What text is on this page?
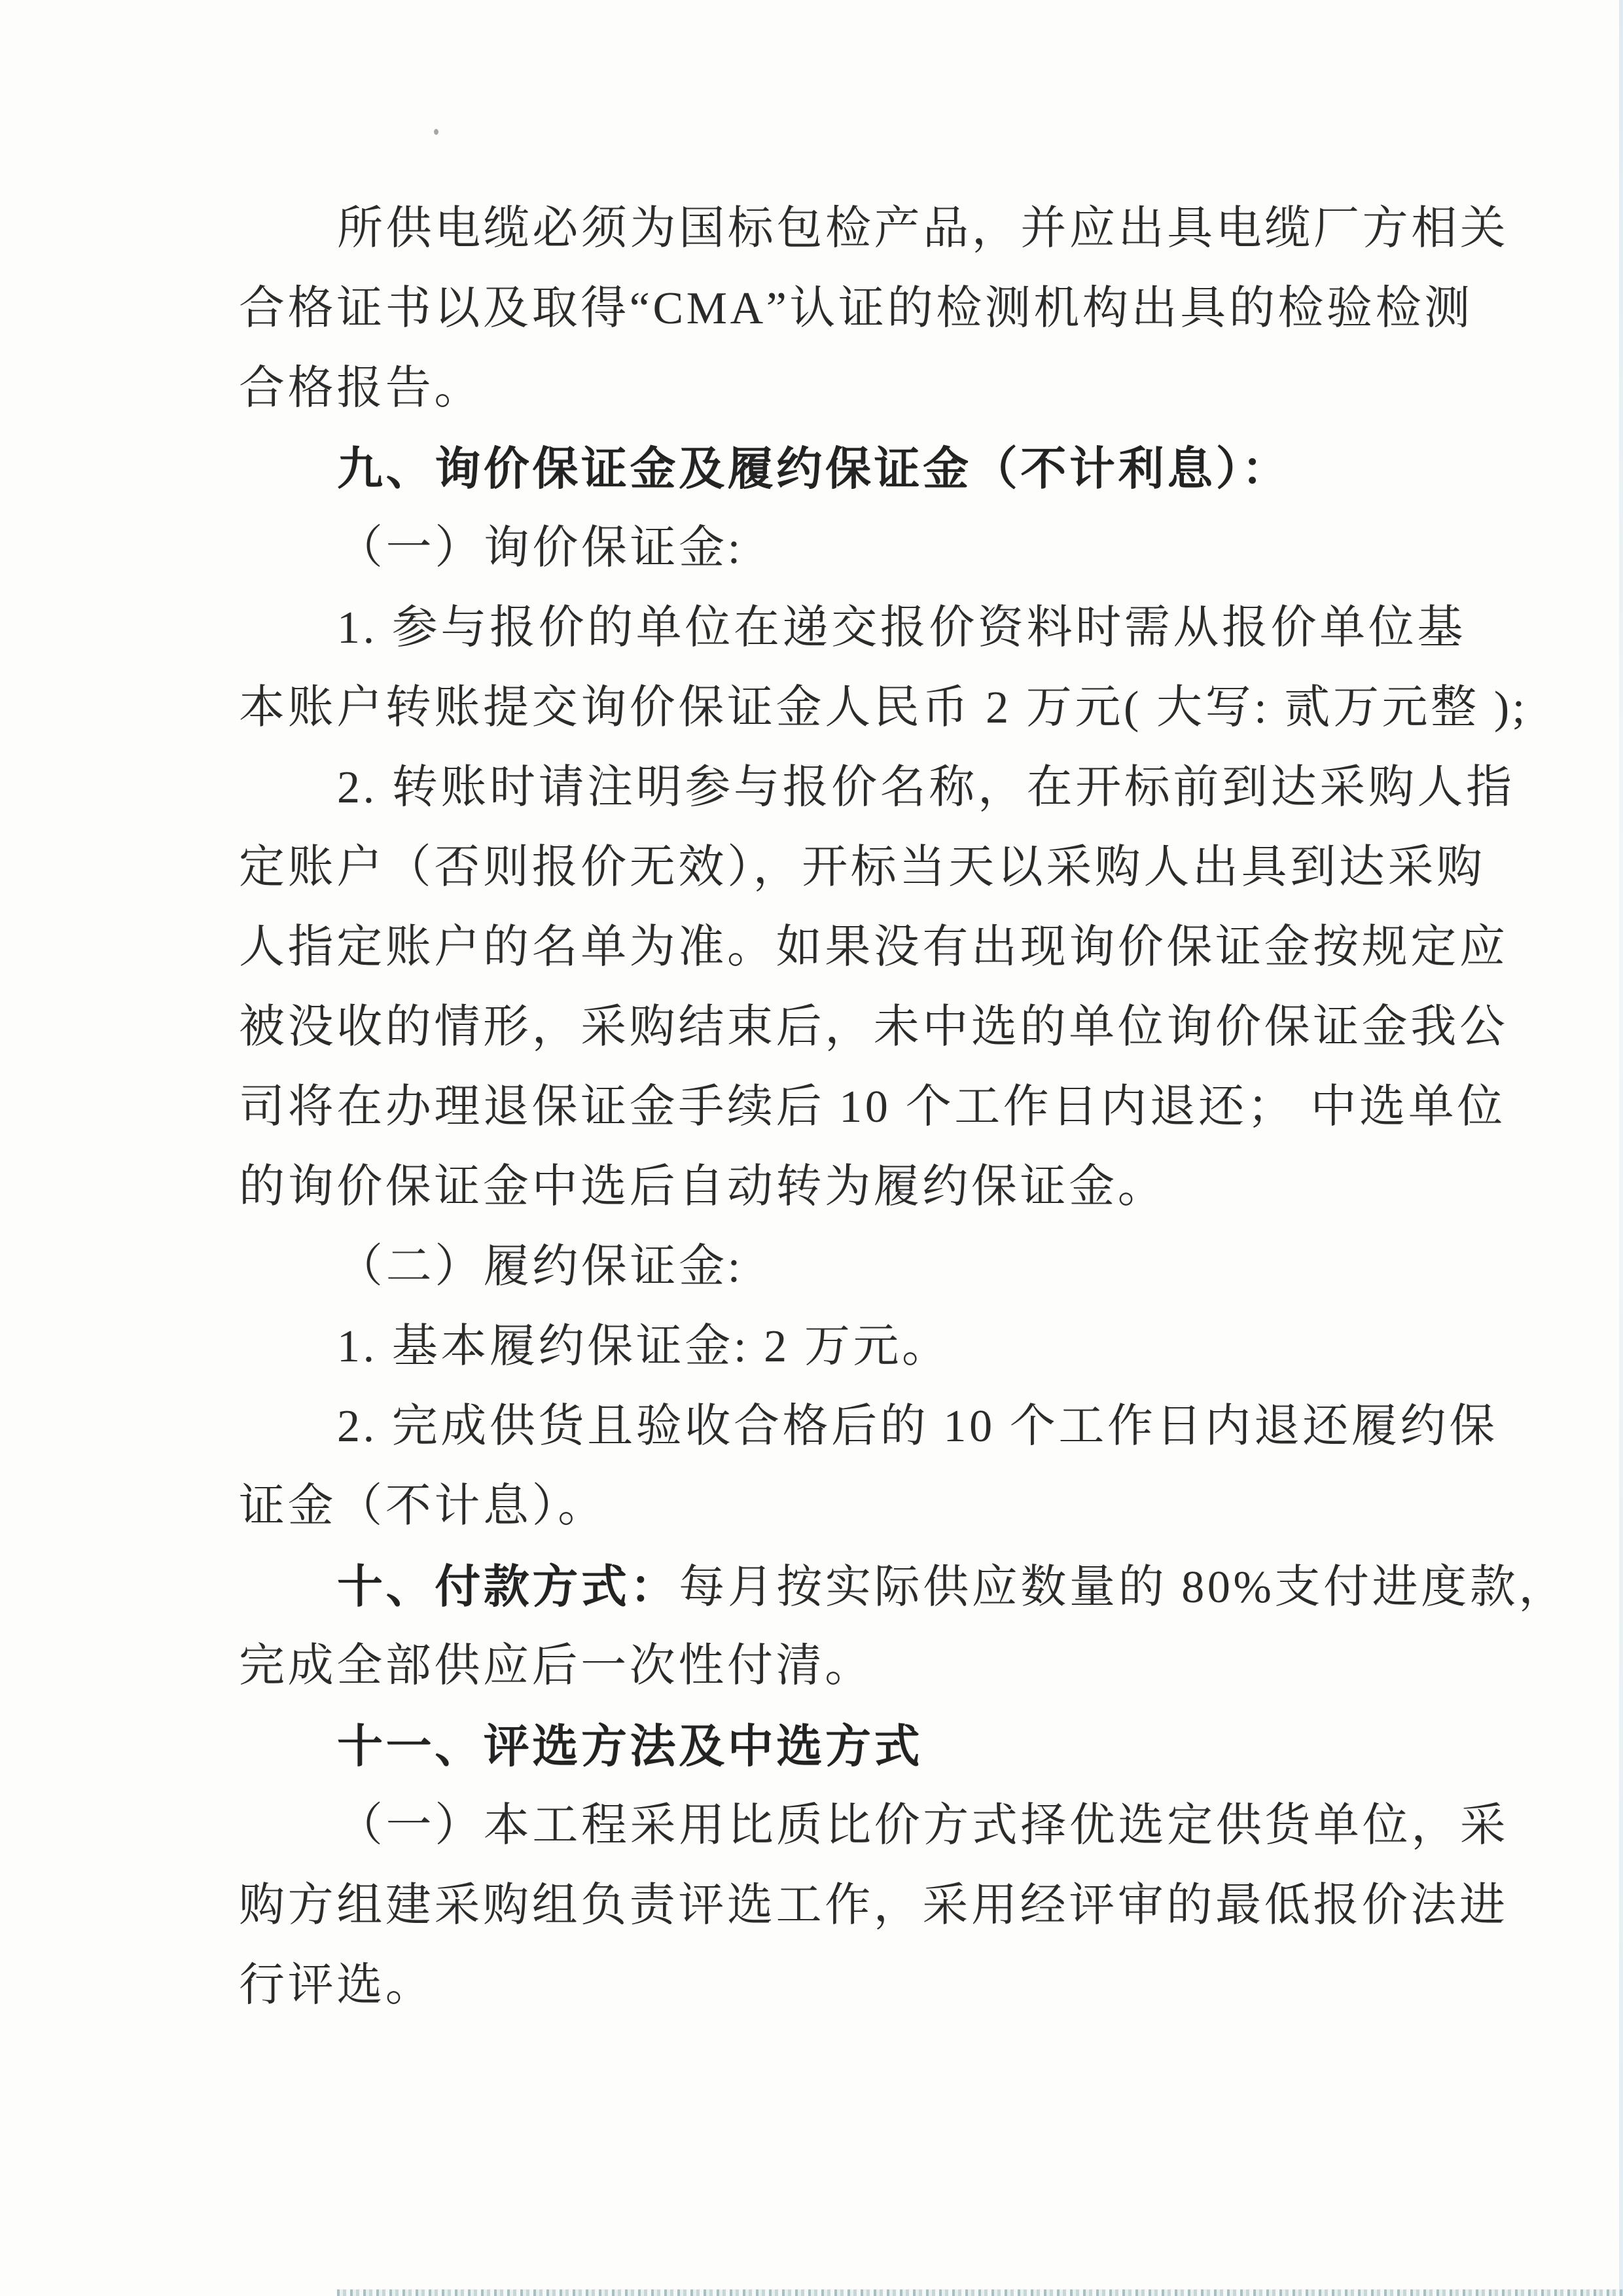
所供电缆必须为国标包检产品，并应出具电缆厂方相关
合格证书以及取得“CMA”认证的检测机构出具的检验检测
合格报告。
九、询价保证金及履约保证金（不计利息）：
（一）询价保证金:
1. 参与报价的单位在递交报价资料时需从报价单位基
本账户转账提交询价保证金人民币 2 万元( 大写: 贰万元整 );
2. 转账时请注明参与报价名称，在开标前到达采购人指
定账户（否则报价无效），开标当天以采购人出具到达采购
人指定账户的名单为准。如果没有出现询价保证金按规定应
被没收的情形，采购结束后，未中选的单位询价保证金我公
司将在办理退保证金手续后 10 个工作日内退还； 中选单位
的询价保证金中选后自动转为履约保证金。
（二）履约保证金:
1. 基本履约保证金: 2 万元。
2. 完成供货且验收合格后的 10 个工作日内退还履约保
证金（不计息）。
十、付款方式：每月按实际供应数量的 80%支付进度款，
完成全部供应后一次性付清。
十一、评选方法及中选方式
（一）本工程采用比质比价方式择优选定供货单位，采
购方组建采购组负责评选工作，采用经评审的最低报价法进
行评选。
